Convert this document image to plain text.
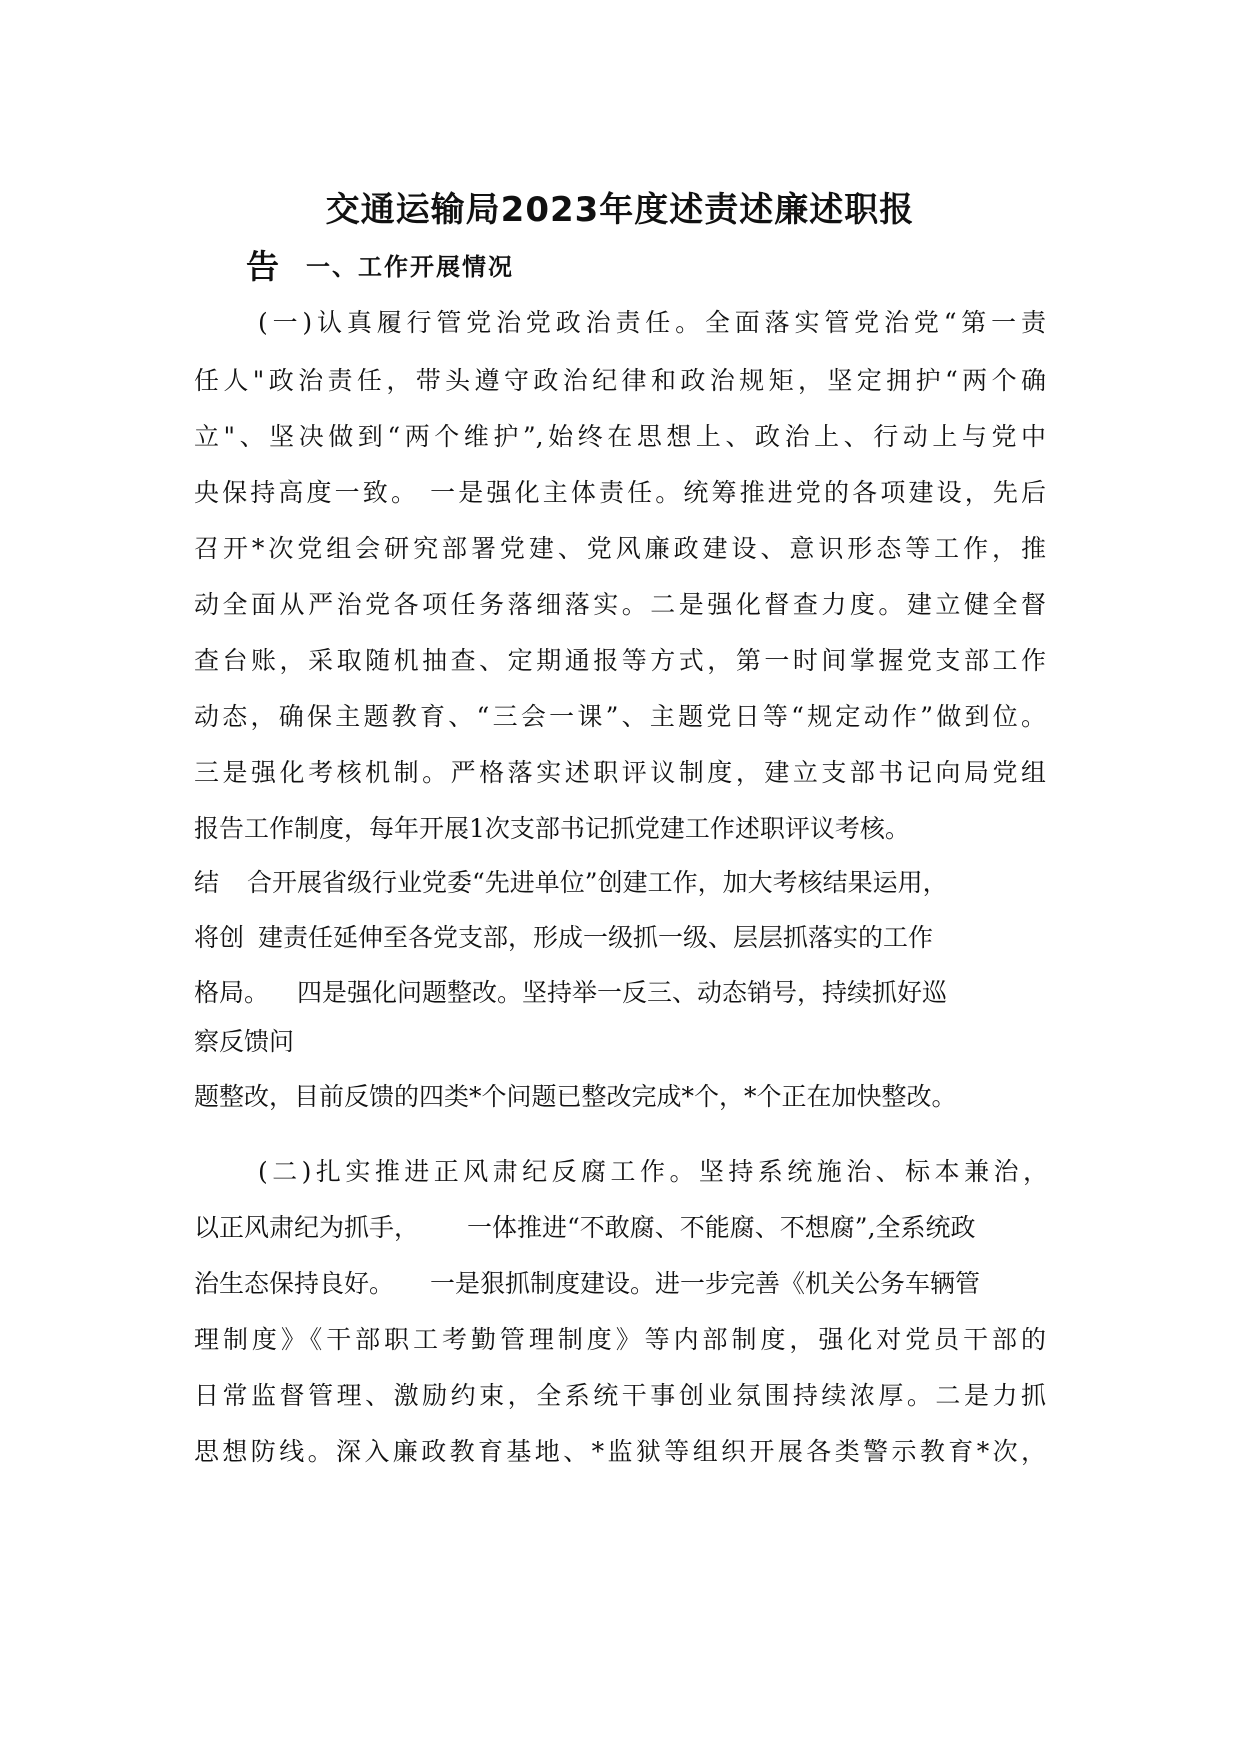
交通运输局2023年度述责述廉述职报
告 一、工作开展情况
(一)认真履行管党治党政治责任。全面落实管党治党“第一责
任人"政治责任，带头遵守政治纪律和政治规矩，坚定拥护“两个确
立"、坚决做到“两个维护”,始终在思想上、政治上、行动上与党中
央保持高度一致。 一是强化主体责任。统筹推进党的各项建设，先后
召开*次党组会研究部署党建、党风廉政建设、意识形态等工作，推
动全面从严治党各项任务落细落实。二是强化督查力度。建立健全督
查台账，采取随机抽查、定期通报等方式，第一时间掌握党支部工作
动态，确保主题教育、“三会一课”、主题党日等“规定动作”做到位。
三是强化考核机制。严格落实述职评议制度，建立支部书记向局党组
报告工作制度，每年开展1次支部书记抓党建工作述职评议考核。
结 合开展省级行业党委“先进单位”创建工作，加大考核结果运用，
将创 建责任延伸至各党支部，形成一级抓一级、层层抓落实的工作
格局。 四是强化问题整改。坚持举一反三、动态销号，持续抓好巡
察反馈问
题整改，目前反馈的四类*个问题已整改完成*个，*个正在加快整改。
(二)扎实推进正风肃纪反腐工作。坚持系统施治、标本兼治，
以正风肃纪为抓手， 一体推进“不敢腐、不能腐、不想腐”,全系统政
治生态保持良好。 一是狠抓制度建设。进一步完善《机关公务车辆管
理制度》《干部职工考勤管理制度》等内部制度，强化对党员干部的
日常监督管理、激励约束，全系统干事创业氛围持续浓厚。二是力抓
思想防线。深入廉政教育基地、*监狱等组织开展各类警示教育*次，
